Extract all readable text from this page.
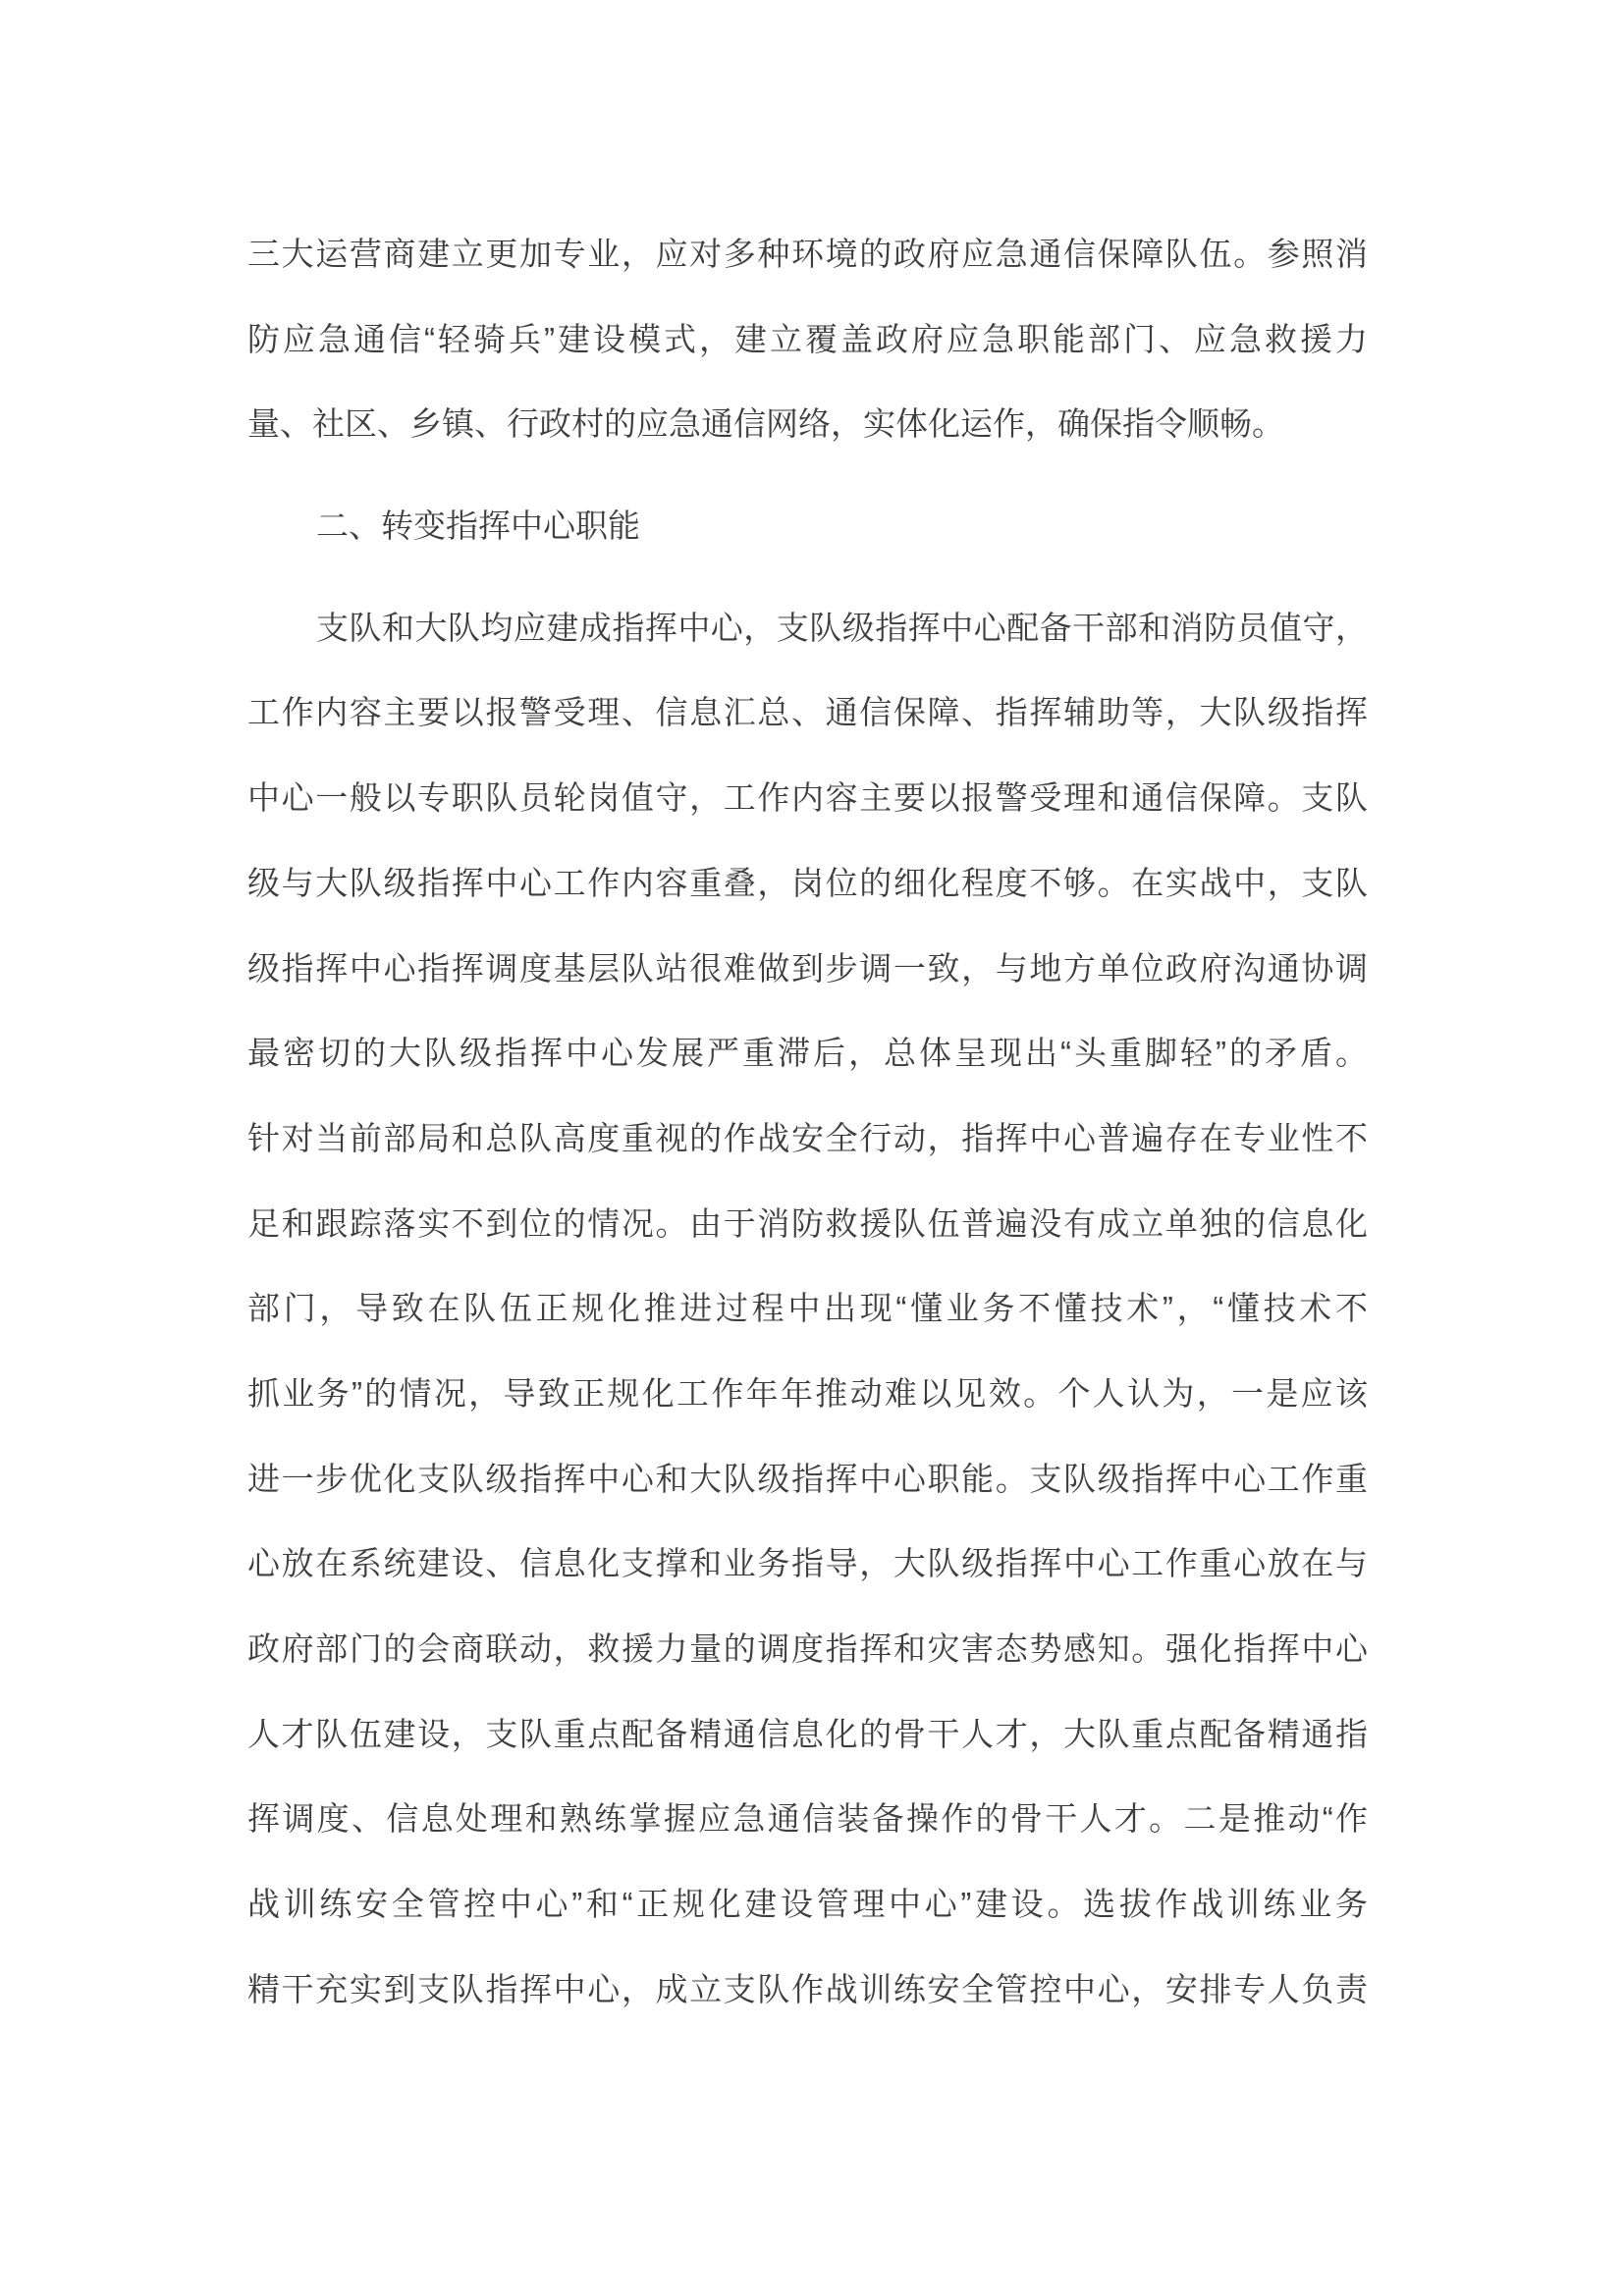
三大运营商建立更加专业，应对多种环境的政府应急通信保障队伍。参照消
防应急通信“轻骑兵”建设模式，建立覆盖政府应急职能部门、应急救援力
量、社区、乡镇、行政村的应急通信网络，实体化运作，确保指令顺畅。
二、转变指挥中心职能
支队和大队均应建成指挥中心，支队级指挥中心配备干部和消防员值守，
工作内容主要以报警受理、信息汇总、通信保障、指挥辅助等，大队级指挥
中心一般以专职队员轮岗值守，工作内容主要以报警受理和通信保障。支队
级与大队级指挥中心工作内容重叠，岗位的细化程度不够。在实战中，支队
级指挥中心指挥调度基层队站很难做到步调一致，与地方单位政府沟通协调
最密切的大队级指挥中心发展严重滞后，总体呈现出“头重脚轻”的矛盾。
针对当前部局和总队高度重视的作战安全行动，指挥中心普遍存在专业性不
足和跟踪落实不到位的情况。由于消防救援队伍普遍没有成立单独的信息化
部门，导致在队伍正规化推进过程中出现“懂业务不懂技术”，“懂技术不
抓业务”的情况，导致正规化工作年年推动难以见效。个人认为，一是应该
进一步优化支队级指挥中心和大队级指挥中心职能。支队级指挥中心工作重
心放在系统建设、信息化支撑和业务指导，大队级指挥中心工作重心放在与
政府部门的会商联动，救援力量的调度指挥和灾害态势感知。强化指挥中心
人才队伍建设，支队重点配备精通信息化的骨干人才，大队重点配备精通指
挥调度、信息处理和熟练掌握应急通信装备操作的骨干人才。二是推动“作
战训练安全管控中心”和“正规化建设管理中心”建设。选拔作战训练业务
精干充实到支队指挥中心，成立支队作战训练安全管控中心，安排专人负责
